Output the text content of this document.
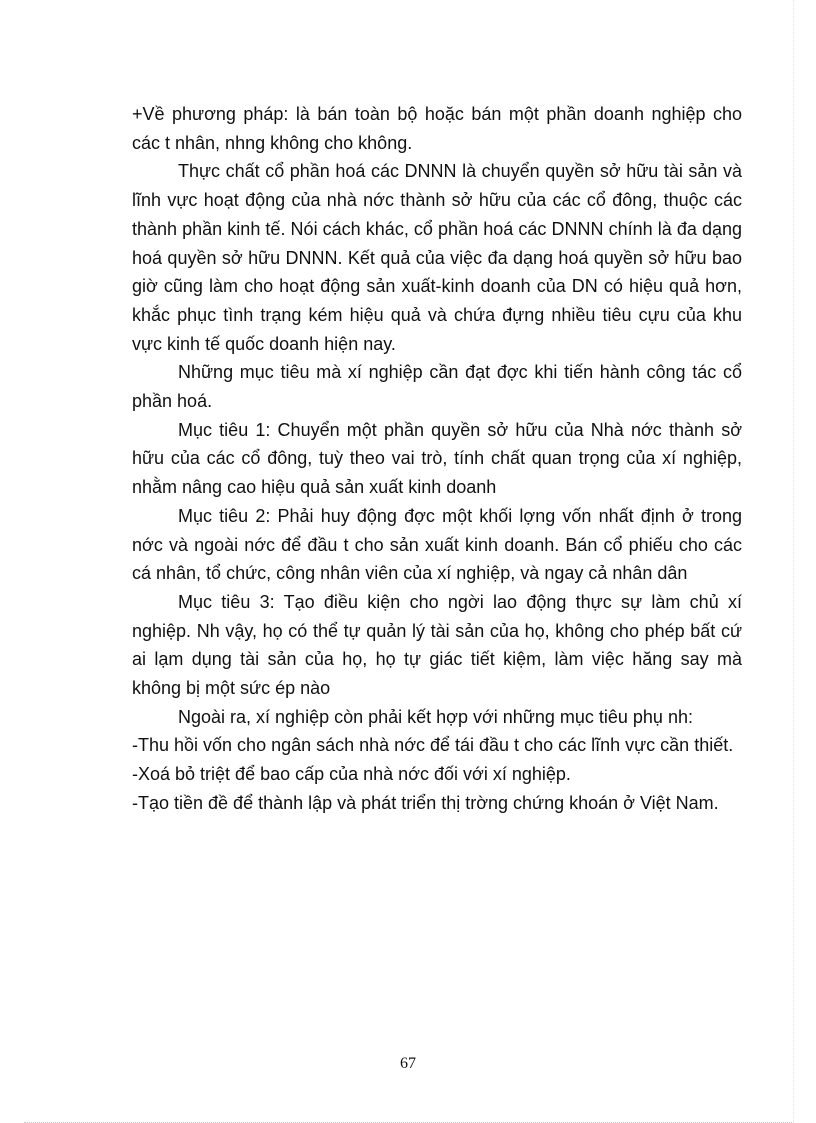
+Về phương pháp: là bán toàn bộ hoặc bán một phần doanh nghiệp cho các t nhân, nhng không cho không.

Thực chất cổ phần hoá các DNNN là chuyển quyền sở hữu tài sản và lĩnh vực hoạt động của nhà nớc thành sở hữu của các cổ đông, thuộc các thành phần kinh tế. Nói cách khác, cổ phần hoá các DNNN chính là đa dạng hoá quyền sở hữu DNNN. Kết quả của việc đa dạng hoá quyền sở hữu bao giờ cũng làm cho hoạt động sản xuất-kinh doanh của DN có hiệu quả hơn, khắc phục tình trạng kém hiệu quả và chứa đựng nhiều tiêu cựu của khu vực kinh tế quốc doanh hiện nay.

Những mục tiêu mà xí nghiệp cần đạt đợc khi tiến hành công tác cổ phần hoá.

Mục tiêu 1: Chuyển một phần quyền sở hữu của Nhà nớc thành sở hữu của các cổ đông, tuỳ theo vai trò, tính chất quan trọng của xí nghiệp, nhằm nâng cao hiệu quả sản xuất kinh doanh

Mục tiêu 2: Phải huy động đợc một khối lợng vốn nhất định ở trong nớc và ngoài nớc để đầu t cho sản xuất kinh doanh. Bán cổ phiếu cho các cá nhân, tổ chức, công nhân viên của xí nghiệp, và ngay cả nhân dân

Mục tiêu 3: Tạo điều kiện cho ngời lao động thực sự làm chủ xí nghiệp. Nh vậy, họ có thể tự quản lý tài sản của họ, không cho phép bất cứ ai lạm dụng tài sản của họ, họ tự giác tiết kiệm, làm việc hăng say mà không bị một sức ép nào

Ngoài ra, xí nghiệp còn phải kết hợp với những mục tiêu phụ nh:

-Thu hồi vốn cho ngân sách nhà nớc để tái đầu t cho các lĩnh vực cần thiết.

-Xoá bỏ triệt để bao cấp của nhà nớc đối với xí nghiệp.

-Tạo tiền đề để thành lập và phát triển thị trờng chứng khoán ở Việt Nam.

67
